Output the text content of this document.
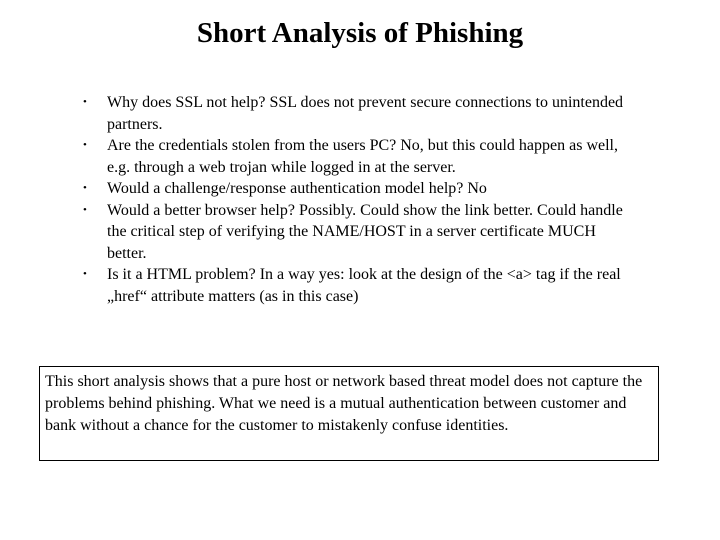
Short Analysis of Phishing
• Why does SSL not help? SSL does not prevent secure connections to unintended partners.
• Are the credentials stolen from the users PC? No, but this could happen as well, e.g. through a web trojan while logged in at the server.
• Would a challenge/response authentication model help? No
• Would a better browser help? Possibly. Could show the link better. Could handle the critical step of verifying the NAME/HOST in a server certificate MUCH better.
• Is it a HTML problem? In a way yes: look at the design of the <a> tag if the real „href“ attribute matters (as in this case)
This short analysis shows that a pure host or network based threat model does not capture the problems behind phishing. What we need is a mutual authentication between customer and bank without a chance for the customer to mistakenly confuse identities.
